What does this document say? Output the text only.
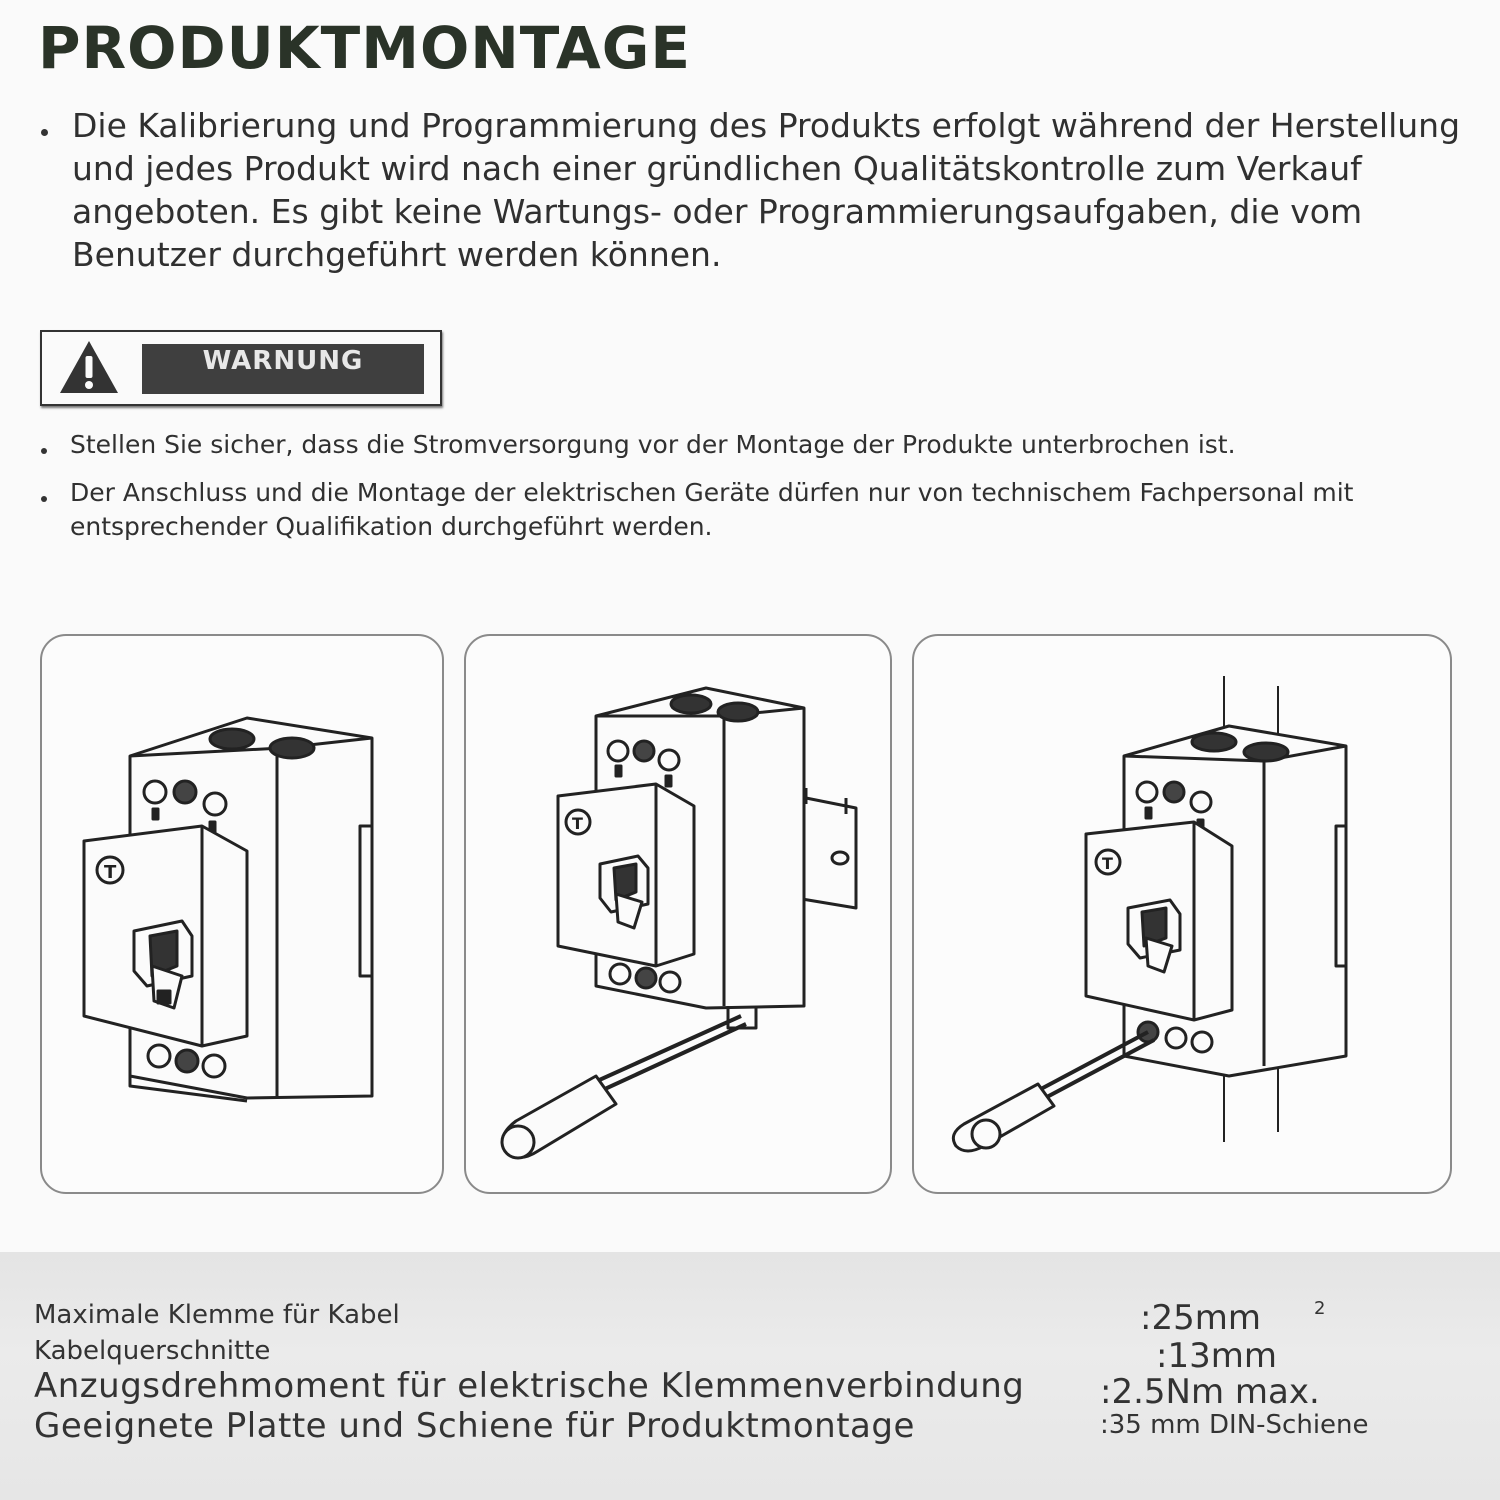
PRODUKTMONTAGE
Die Kalibrierung und Programmierung des Produkts erfolgt während der Herstellung und jedes Produkt wird nach einer gründlichen Qualitätskontrolle zum Verkauf angeboten. Es gibt keine Wartungs- oder Programmierungsaufgaben, die vom Benutzer durchgeführt werden können.
WARNUNG
Stellen Sie sicher, dass die Stromversorgung vor der Montage der Produkte unterbrochen ist.
Der Anschluss und die Montage der elektrischen Geräte dürfen nur von technischem Fachpersonal mit entsprechender Qualifikation durchgeführt werden.
T
T
T
Maximale Klemme für Kabel
Kabelquerschnitte
Anzugsdrehmoment für elektrische Klemmenverbindung
Geeignete Platte und Schiene für Produktmontage
:25mm	2
:13mm
:2.5Nm max.
:35 mm DIN-Schiene
